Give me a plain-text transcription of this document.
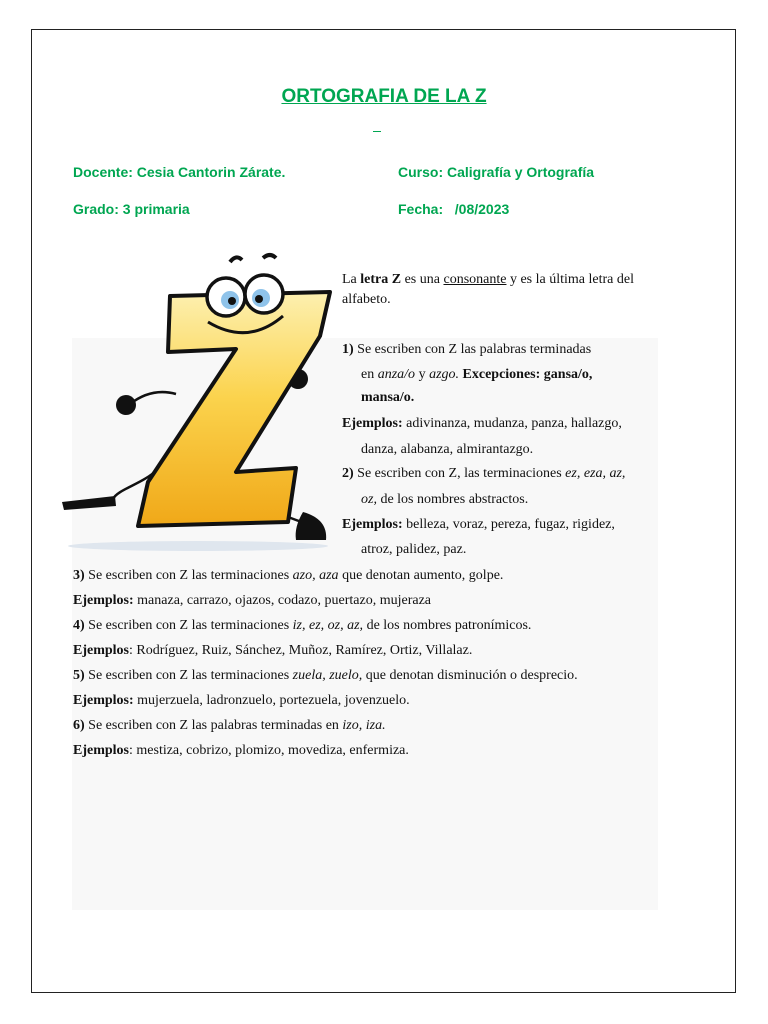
ORTOGRAFIA DE LA Z
Docente: Cesia Cantorin Zárate.	Curso: Caligrafía y Ortografía
Grado: 3 primaria	Fecha:   /08/2023
La letra Z es una consonante y es la última letra del alfabeto.
1) Se escriben con Z las palabras terminadas
en anza/o y azgo. Excepciones: gansa/o,
mansa/o.
Ejemplos: adivinanza, mudanza, panza, hallazgo,
danza, alabanza, almirantazgo.
2) Se escriben con Z, las terminaciones ez, eza, az,
oz, de los nombres abstractos.
Ejemplos: belleza, voraz, pereza, fugaz, rigidez,
atroz, palidez, paz.
3) Se escriben con Z las terminaciones azo, aza que denotan aumento, golpe.
Ejemplos: manaza, carrazo, ojazos, codazo, puertazo, mujeraza
4) Se escriben con Z las terminaciones iz, ez, oz, az, de los nombres patronímicos.
Ejemplos: Rodríguez, Ruiz, Sánchez, Muñoz, Ramírez, Ortiz, Villalaz.
5) Se escriben con Z las terminaciones zuela, zuelo, que denotan disminución o desprecio.
Ejemplos: mujerzuela, ladronzuelo, portezuela, jovenzuelo.
6) Se escriben con Z las palabras terminadas en izo, iza.
Ejemplos: mestiza, cobrizo, plomizo, movediza, enfermiza.
